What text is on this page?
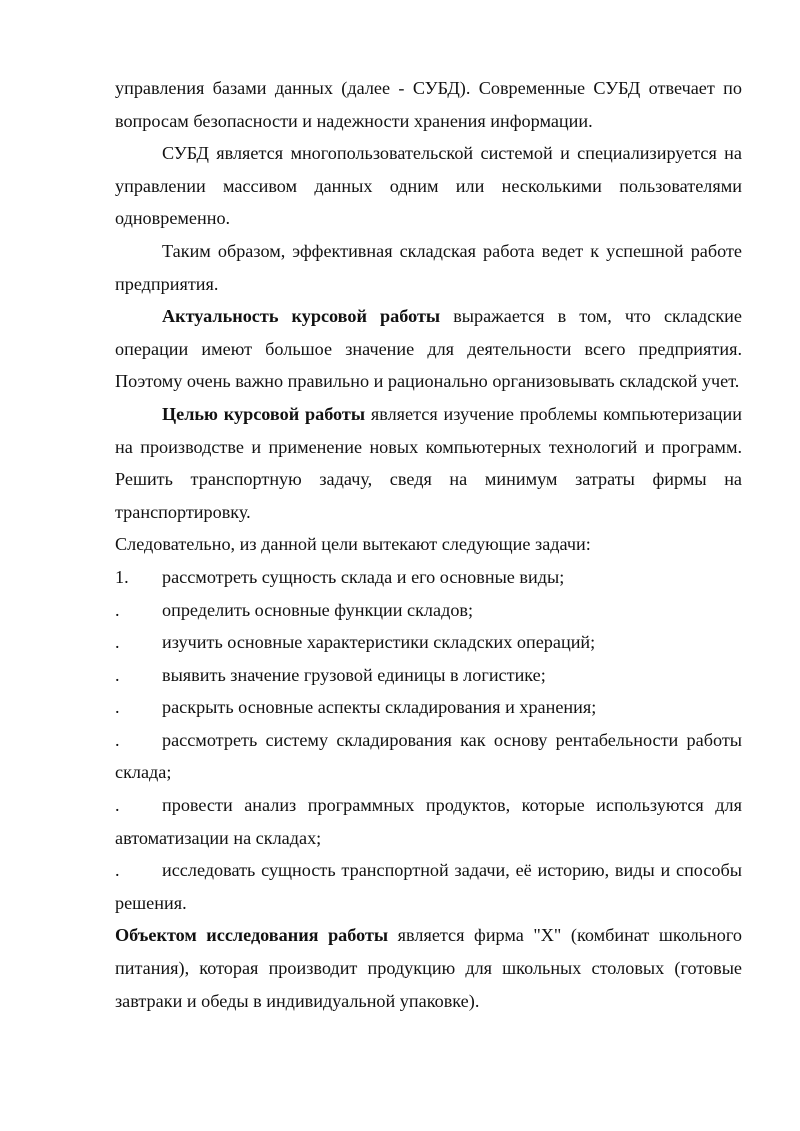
управления базами данных (далее - СУБД). Современные СУБД отвечает по вопросам безопасности и надежности хранения информации.

СУБД является многопользовательской системой и специализируется на управлении массивом данных одним или несколькими пользователями одновременно.

Таким образом, эффективная складская работа ведет к успешной работе предприятия.

Актуальность курсовой работы выражается в том, что складские операции имеют большое значение для деятельности всего предприятия. Поэтому очень важно правильно и рационально организовывать складской учет.

Целью курсовой работы является изучение проблемы компьютеризации на производстве и применение новых компьютерных технологий и программ. Решить транспортную задачу, сведя на минимум затраты фирмы на транспортировку.

Следовательно, из данной цели вытекают следующие задачи:

1. рассмотреть сущность склада и его основные виды;

. определить основные функции складов;

. изучить основные характеристики складских операций;

. выявить значение грузовой единицы в логистике;

. раскрыть основные аспекты складирования и хранения;

. рассмотреть систему складирования как основу рентабельности работы склада;

. провести анализ программных продуктов, которые используются для автоматизации на складах;

. исследовать сущность транспортной задачи, её историю, виды и способы решения.

Объектом исследования работы является фирма "Х" (комбинат школьного питания), которая производит продукцию для школьных столовых (готовые завтраки и обеды в индивидуальной упаковке).
